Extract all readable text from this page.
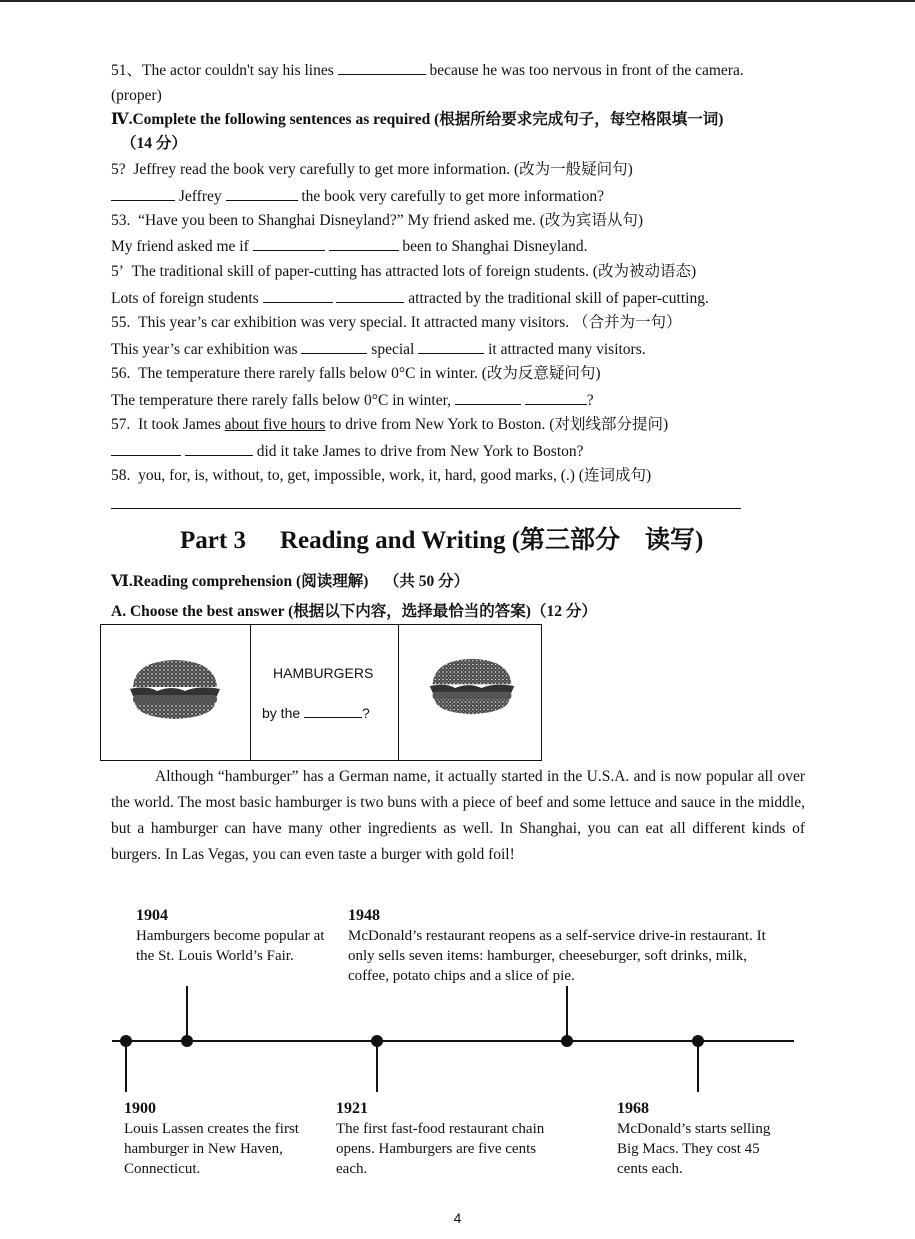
51、The actor couldn't say his lines	because he was too nervous in front of the camera.
(proper)
Ⅳ.Complete the following sentences as required (根据所给要求完成句子，每空格限填一词)
（14 分）
5? Jeffrey read the book very carefully to get more information. (改为一般疑问句)
Jeffrey	the book very carefully to get more information?
53. “Have you been to Shanghai Disneyland?” My friend asked me. (改为宾语从句)
My friend asked me if	been to Shanghai Disneyland.
5ʼ The traditional skill of paper-cutting has attracted lots of foreign students. (改为被动语态)
Lots of foreign students	attracted by the traditional skill of paper-cutting.
55. This year’s car exhibition was very special. It attracted many visitors. （合并为一句）
This year’s car exhibition was	special	it attracted many visitors.
56. The temperature there rarely falls below 0°C in winter. (改为反意疑问句)
The temperature there rarely falls below 0°C in winter,	?
57. It took James about five hours to drive from New York to Boston. (对划线部分提问)
did it take James to drive from New York to Boston?
58. you, for, is, without, to, get, impossible, work, it, hard, good marks, (.) (连词成句)
Part 3 Reading and Writing (第三部分　读写)
Ⅵ.Reading comprehension (阅读理解) （共 50 分）
A. Choose the best answer (根据以下内容，选择最恰当的答案)（12 分）
HAMBURGERS
by the	?
Although “hamburger” has a German name, it actually started in the U.S.A. and is now popular all over the world. The most basic hamburger is two buns with a piece of beef and some lettuce and sauce in the middle, but a hamburger can have many other ingredients as well. In Shanghai, you can eat all different kinds of burgers. In Las Vegas, you can even taste a burger with gold foil!
1904
Hamburgers become popular at the St. Louis World’s Fair.
1948
McDonald’s restaurant reopens as a self-service drive-in restaurant. It only sells seven items: hamburger, cheeseburger, soft drinks, milk, coffee, potato chips and a slice of pie.
1900
Louis Lassen creates the first hamburger in New Haven, Connecticut.
1921
The first fast-food restaurant chain opens. Hamburgers are five cents each.
1968
McDonald’s starts selling Big Macs. They cost 45 cents each.
4
